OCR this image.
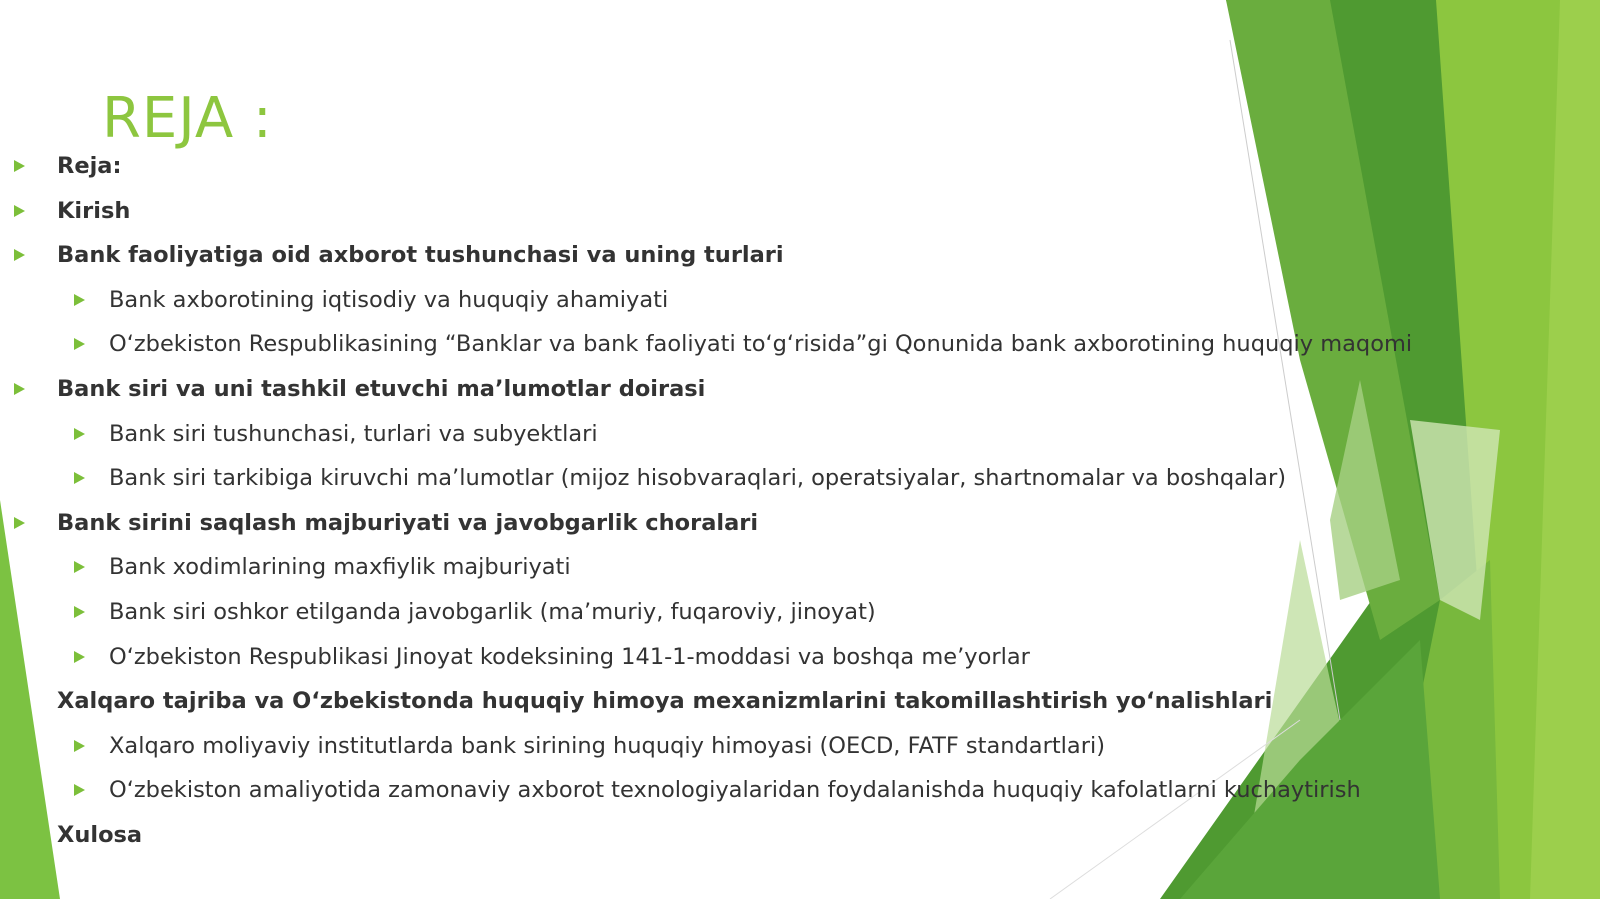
REJA :
Reja:
Kirish
Bank faoliyatiga oid axborot tushunchasi va uning turlari
Bank axborotining iqtisodiy va huquqiy ahamiyati
O‘zbekiston Respublikasining “Banklar va bank faoliyati to‘g‘risida”gi Qonunida bank axborotining huquqiy maqomi
Bank siri va uni tashkil etuvchi ma’lumotlar doirasi
Bank siri tushunchasi, turlari va subyektlari
Bank siri tarkibiga kiruvchi ma’lumotlar (mijoz hisobvaraqlari, operatsiyalar, shartnomalar va boshqalar)
Bank sirini saqlash majburiyati va javobgarlik choralari
Bank xodimlarining maxfiylik majburiyati
Bank siri oshkor etilganda javobgarlik (ma’muriy, fuqaroviy, jinoyat)
O‘zbekiston Respublikasi Jinoyat kodeksining 141-1-moddasi va boshqa me’yorlar
Xalqaro tajriba va O‘zbekistonda huquqiy himoya mexanizmlarini takomillashtirish yo‘nalishlari
Xalqaro moliyaviy institutlarda bank sirining huquqiy himoyasi (OECD, FATF standartlari)
O‘zbekiston amaliyotida zamonaviy axborot texnologiyalaridan foydalanishda huquqiy kafolatlarni kuchaytirish
Xulosa
